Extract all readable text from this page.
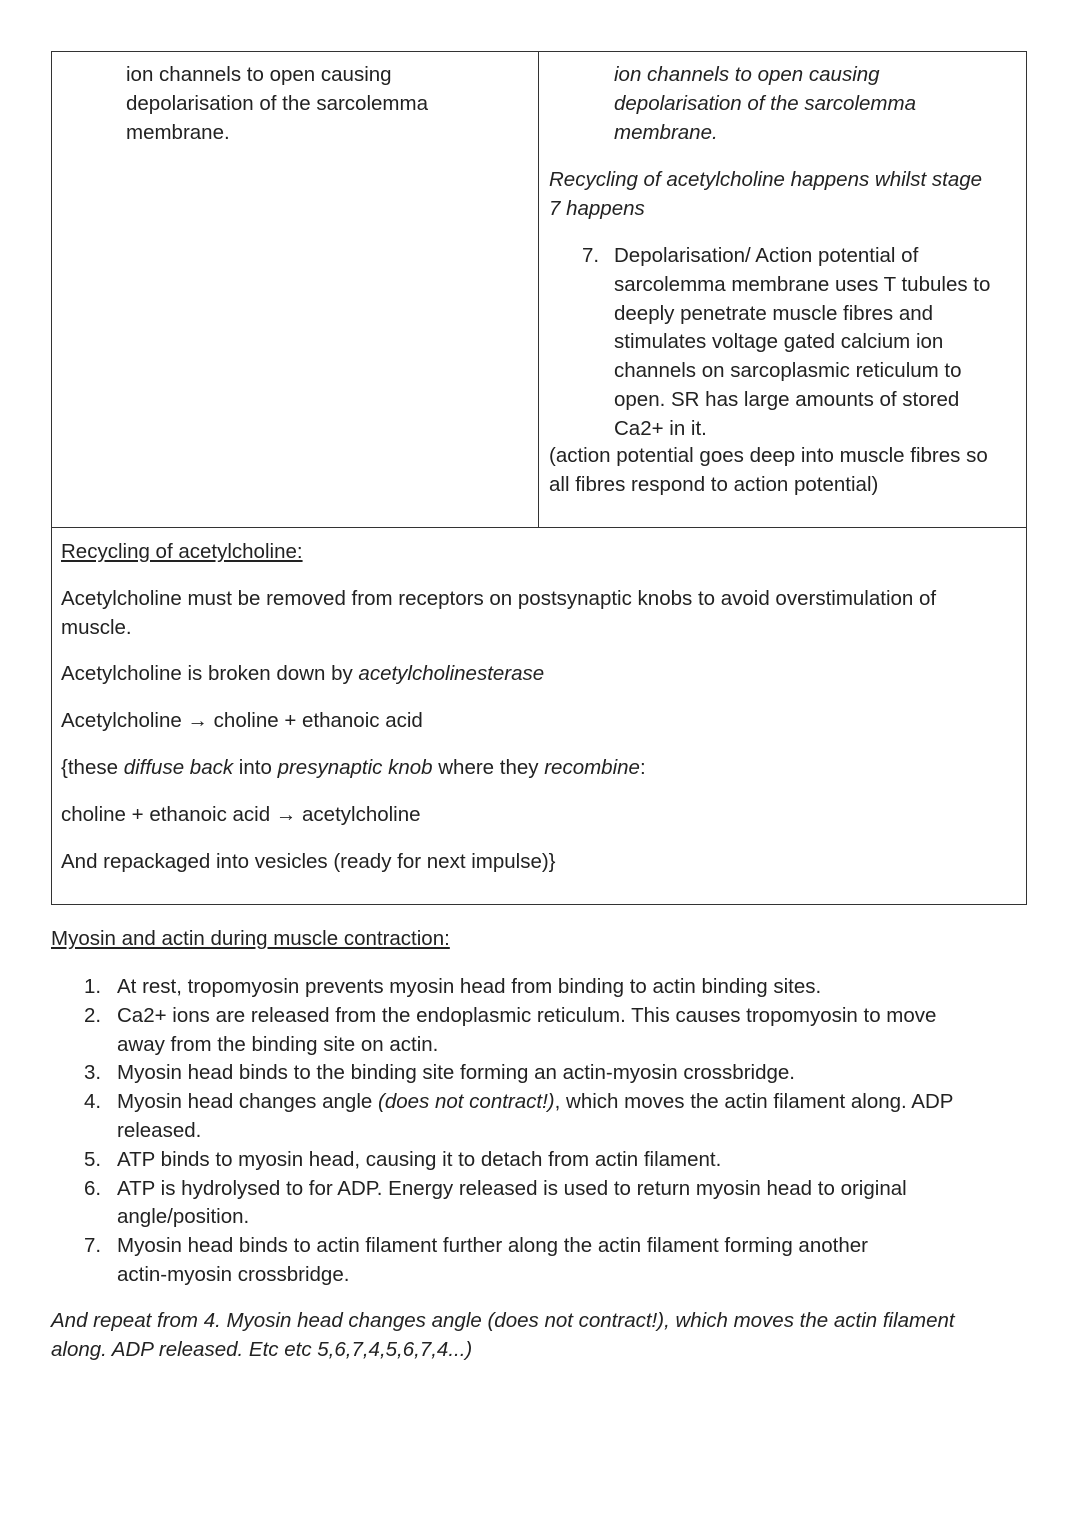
ion channels to open causing
depolarisation of the sarcolemma
membrane.

ion channels to open causing
depolarisation of the sarcolemma
membrane.

Recycling of acetylcholine happens whilst stage
7 happens

7. Depolarisation/ Action potential of
sarcolemma membrane uses T tubules to
deeply penetrate muscle fibres and
stimulates voltage gated calcium ion
channels on sarcoplasmic reticulum to
open. SR has large amounts of stored
Ca2+ in it.

(action potential goes deep into muscle fibres so
all fibres respond to action potential)

Recycling of acetylcholine:

Acetylcholine must be removed from receptors on postsynaptic knobs to avoid overstimulation of
muscle.

Acetylcholine is broken down by acetylcholinesterase

Acetylcholine → choline + ethanoic acid

{these diffuse back into presynaptic knob where they recombine:

choline + ethanoic acid → acetylcholine

And repackaged into vesicles (ready for next impulse)}

Myosin and actin during muscle contraction:

1. At rest, tropomyosin prevents myosin head from binding to actin binding sites.
2. Ca2+ ions are released from the endoplasmic reticulum. This causes tropomyosin to move
away from the binding site on actin.
3. Myosin head binds to the binding site forming an actin-myosin crossbridge.
4. Myosin head changes angle (does not contract!), which moves the actin filament along. ADP
released.
5. ATP binds to myosin head, causing it to detach from actin filament.
6. ATP is hydrolysed to for ADP. Energy released is used to return myosin head to original
angle/position.
7. Myosin head binds to actin filament further along the actin filament forming another
actin-myosin crossbridge.

And repeat from 4. Myosin head changes angle (does not contract!), which moves the actin filament
along. ADP released. Etc etc 5,6,7,4,5,6,7,4...)
